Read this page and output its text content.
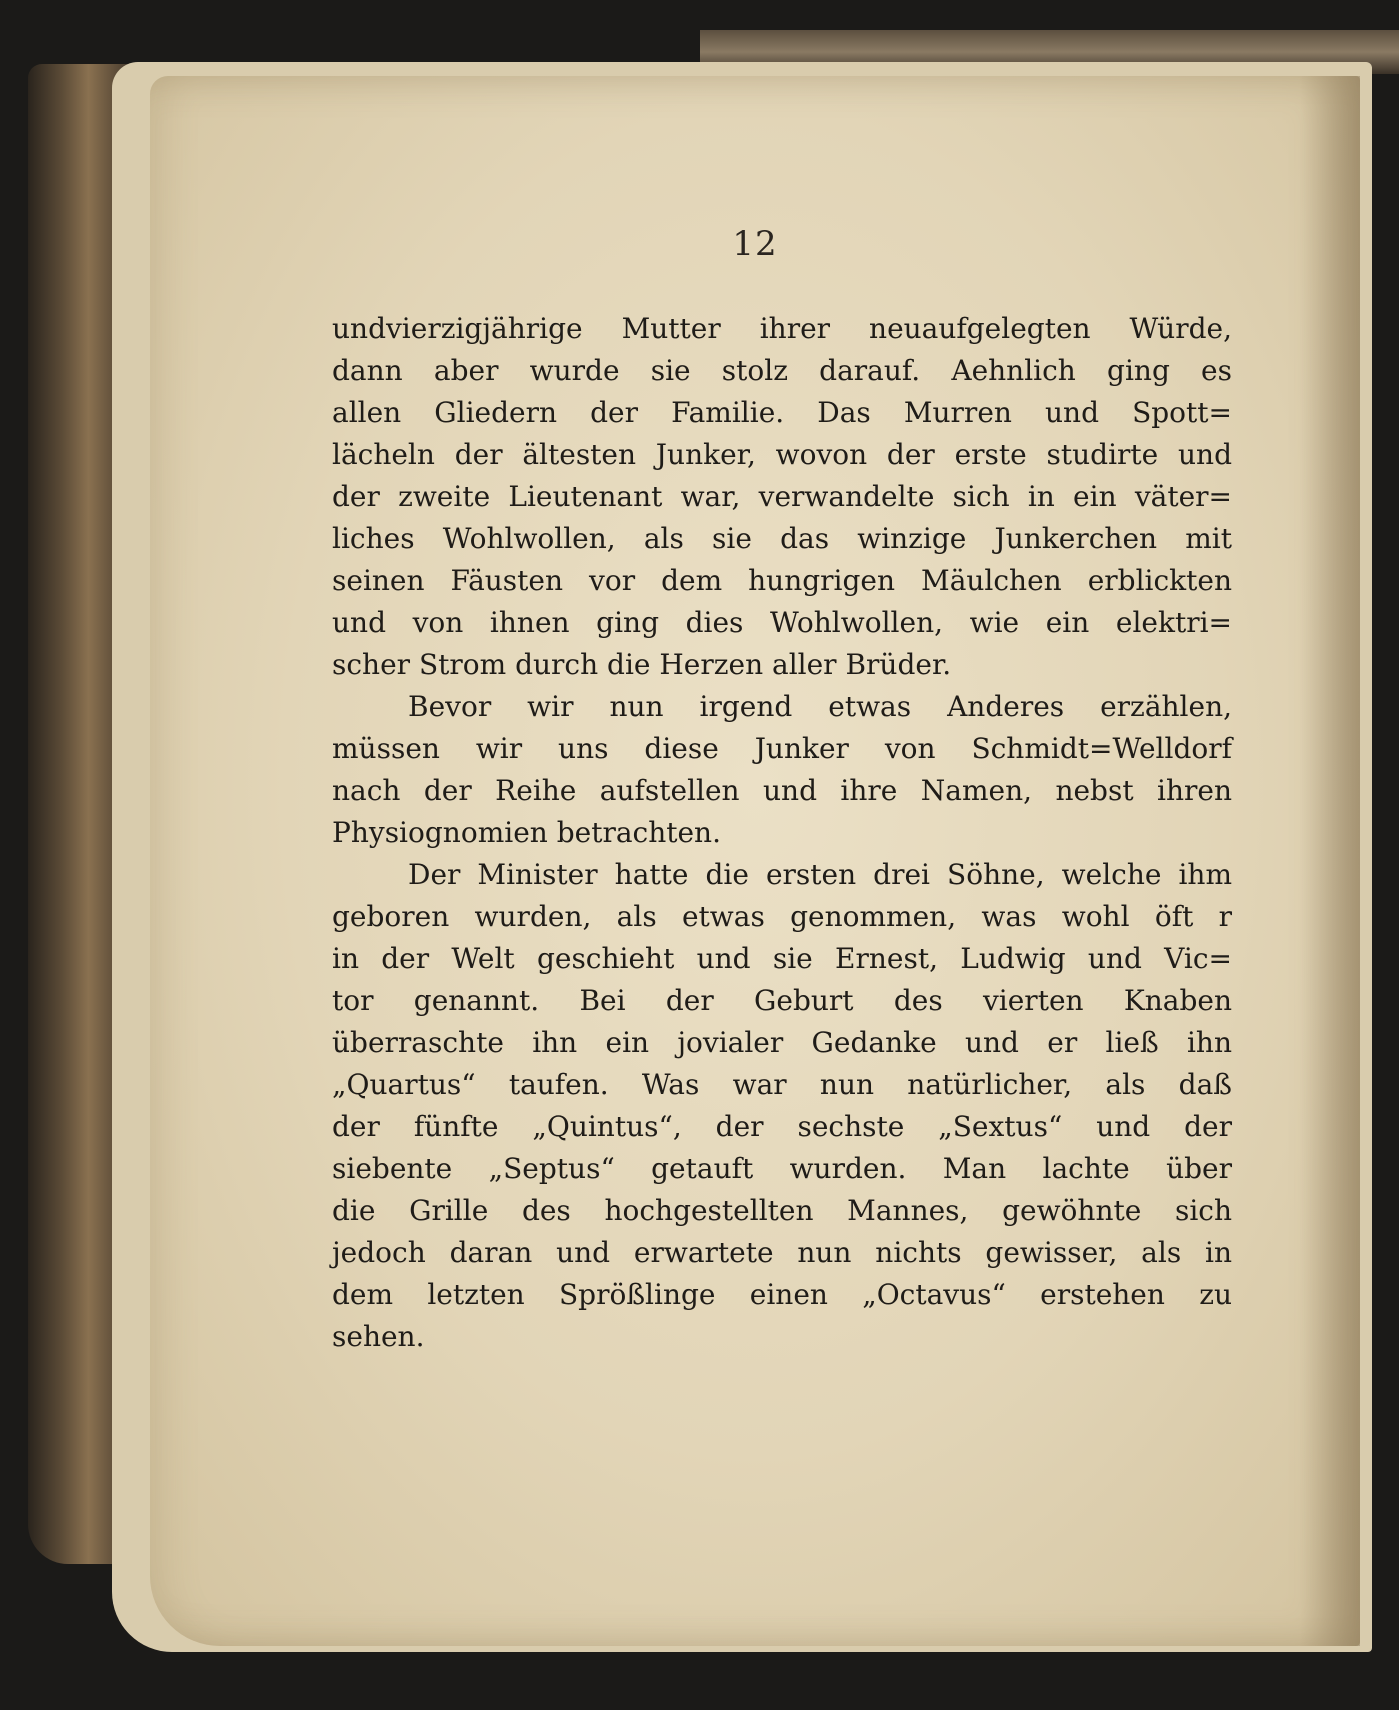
12

undvierzigjährige Mutter ihrer neuaufgelegten Würde,
dann aber wurde sie stolz darauf. Aehnlich ging es
allen Gliedern der Familie. Das Murren und Spott=
lächeln der ältesten Junker, wovon der erste studirte und
der zweite Lieutenant war, verwandelte sich in ein väter=
liches Wohlwollen, als sie das winzige Junkerchen mit
seinen Fäusten vor dem hungrigen Mäulchen erblickten
und von ihnen ging dies Wohlwollen, wie ein elektri=
scher Strom durch die Herzen aller Brüder.

Bevor wir nun irgend etwas Anderes erzählen,
müssen wir uns diese Junker von Schmidt=Welldorf
nach der Reihe aufstellen und ihre Namen, nebst ihren
Physiognomien betrachten.

Der Minister hatte die ersten drei Söhne, welche ihm
geboren wurden, als etwas genommen, was wohl öft r
in der Welt geschieht und sie Ernest, Ludwig und Vic=
tor genannt. Bei der Geburt des vierten Knaben
überraschte ihn ein jovialer Gedanke und er ließ ihn
„Quartus“ taufen. Was war nun natürlicher, als daß
der fünfte „Quintus“, der sechste „Sextus“ und der
siebente „Septus“ getauft wurden. Man lachte über
die Grille des hochgestellten Mannes, gewöhnte sich
jedoch daran und erwartete nun nichts gewisser, als in
dem letzten Sprößlinge einen „Octavus“ erstehen zu
sehen.
